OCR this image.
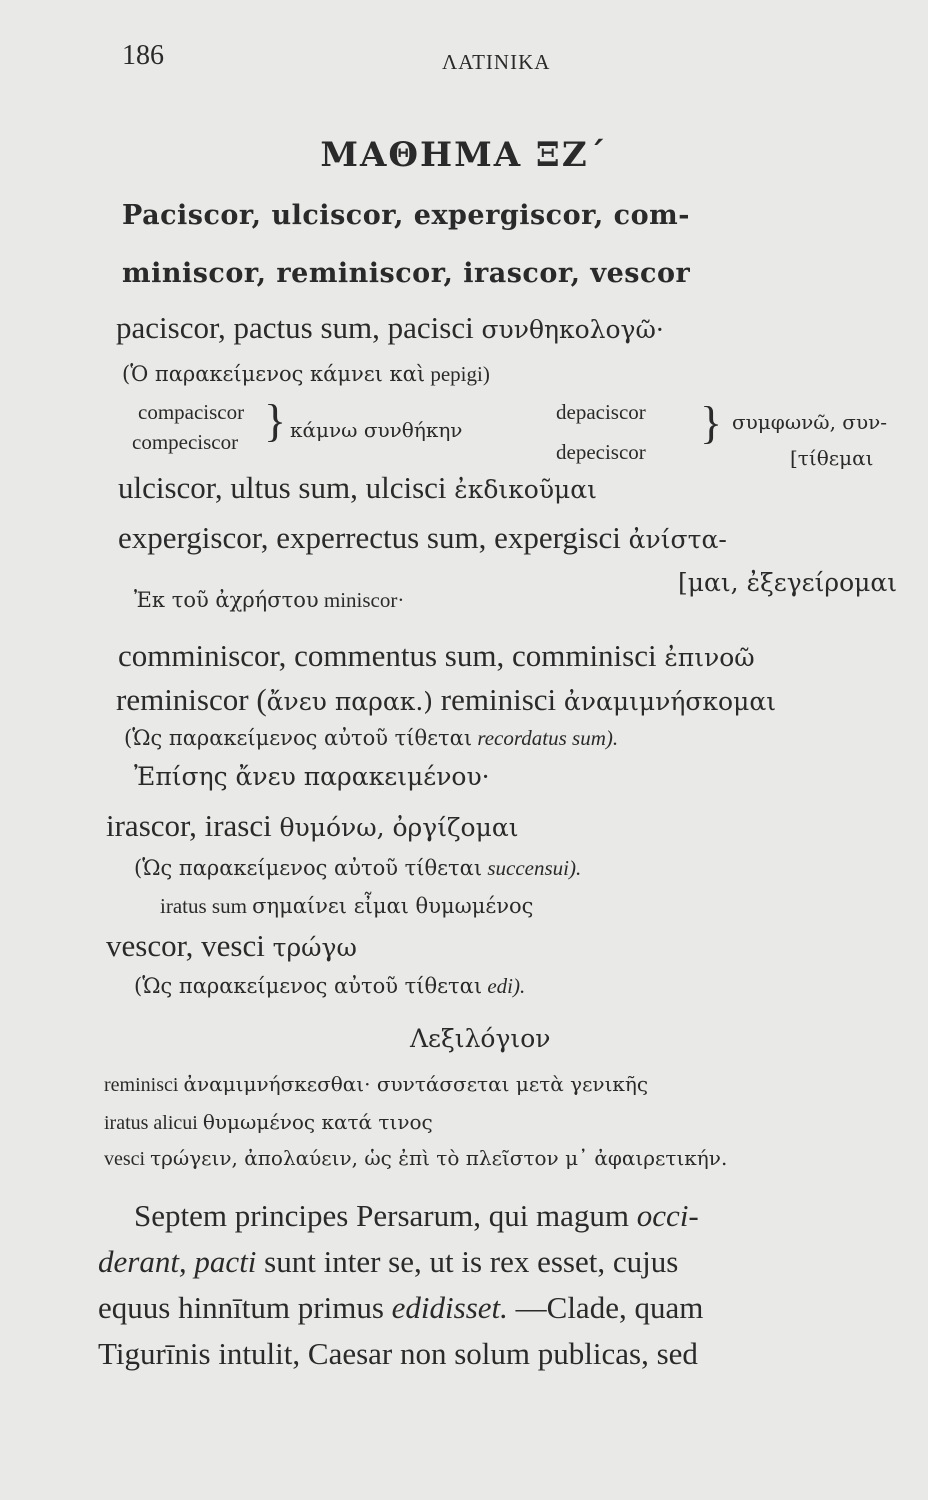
186	ΛΑΤΙΝΙΚΑ
ΜΑΘΗΜΑ ΞΖ΄
Paciscor, ulciscor, expergiscor, com-
miniscor, reminiscor, irascor, vescor
paciscor, pactus sum, pacisci συνθηκολογῶ·
(Ὁ παρακείμενος κάμνει καὶ pepigi)
compaciscor
compeciscor } κάμνω συνθήκην
depaciscor
depeciscor
} συμφωνῶ, συν-
[τίθεμαι
ulciscor, ultus sum, ulcisci ἐκδικοῦμαι
expergiscor, experrectus sum, expergisci ἀνίστα-
[μαι, ἐξεγείρομαι
Ἐκ τοῦ ἀχρήστου miniscor·
comminiscor, commentus sum, comminisci ἐπινοῶ
reminiscor (ἄνευ παρακ.) reminisci ἀναμιμνήσκομαι
(Ὡς παρακείμενος αὐτοῦ τίθεται recordatus sum).
Ἐπίσης ἄνευ παρακειμένου·
irascor, irasci θυμόνω, ὀργίζομαι
(Ὡς παρακείμενος αὐτοῦ τίθεται succensui).
iratus sum σημαίνει εἶμαι θυμωμένος
vescor, vesci τρώγω
(Ὡς παρακείμενος αὐτοῦ τίθεται edi).
Λεξιλόγιον
reminisci ἀναμιμνήσκεσθαι· συντάσσεται μετὰ γενικῆς
iratus alicui θυμωμένος κατά τινος
vesci τρώγειν, ἀπολαύειν, ὡς ἐπὶ τὸ πλεῖστον μ᾽ ἀφαιρετικήν.
Septem principes Persarum, qui magum occi-
derant, pacti sunt inter se, ut is rex esset, cujus
equus hinnītum primus edidisset. —Clade, quam
Tigurīnis intulit, Caesar non solum publicas, sed
